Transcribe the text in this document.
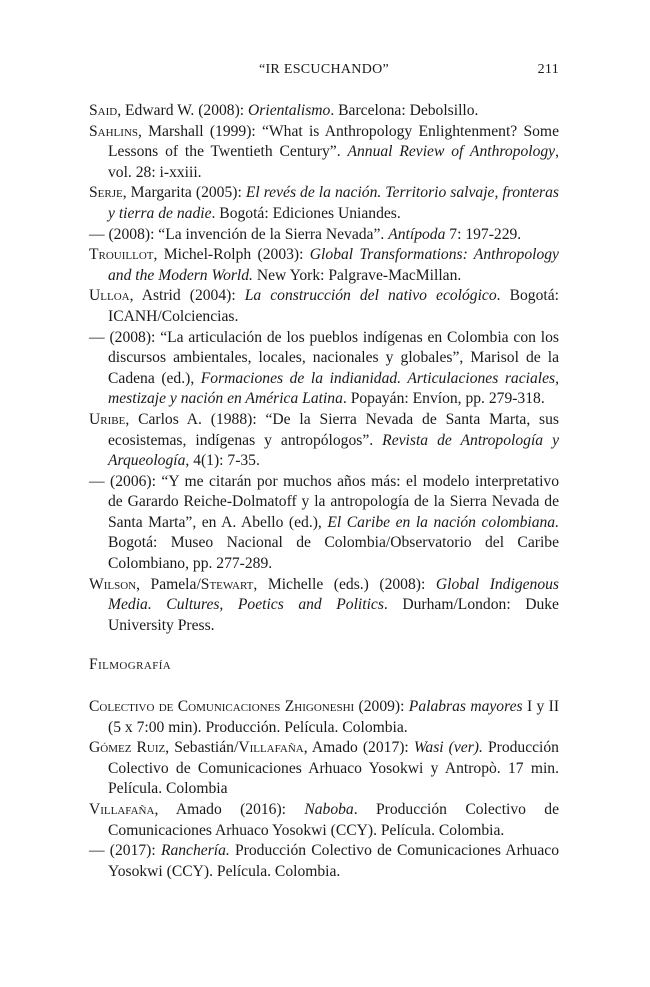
“IR ESCUCHANDO”	211

Said, Edward W. (2008): Orientalismo. Barcelona: Debolsillo.

Sahlins, Marshall (1999): “What is Anthropology Enlightenment? Some Lessons of the Twentieth Century”. Annual Review of Anthropology, vol. 28: i-xxiii.

Serje, Margarita (2005): El revés de la nación. Territorio salvaje, fronteras y tierra de nadie. Bogotá: Ediciones Uniandes.

— (2008): “La invención de la Sierra Nevada”. Antípoda 7: 197-229.

Trouillot, Michel-Rolph (2003): Global Transformations: Anthropology and the Modern World. New York: Palgrave-MacMillan.

Ulloa, Astrid (2004): La construcción del nativo ecológico. Bogotá: ICANH/Colciencias.

— (2008): “La articulación de los pueblos indígenas en Colombia con los discursos ambientales, locales, nacionales y globales”, Marisol de la Cadena (ed.), Formaciones de la indianidad. Articulaciones raciales, mestizaje y nación en América Latina. Popayán: Envíon, pp. 279-318.

Uribe, Carlos A. (1988): “De la Sierra Nevada de Santa Marta, sus ecosistemas, indígenas y antropólogos”. Revista de Antropología y Arqueología, 4(1): 7-35.

— (2006): “Y me citarán por muchos años más: el modelo interpretativo de Garardo Reiche-Dolmatoff y la antropología de la Sierra Nevada de Santa Marta”, en A. Abello (ed.), El Caribe en la nación colombiana. Bogotá: Museo Nacional de Colombia/Observatorio del Caribe Colombiano, pp. 277-289.

Wilson, Pamela/Stewart, Michelle (eds.) (2008): Global Indigenous Media. Cultures, Poetics and Politics. Durham/London: Duke University Press.

Filmografía

Colectivo de Comunicaciones Zhigoneshi (2009): Palabras mayores I y II (5 x 7:00 min). Producción. Película. Colombia.

Gómez Ruiz, Sebastián/Villafaña, Amado (2017): Wasi (ver). Producción Colectivo de Comunicaciones Arhuaco Yosokwi y Antropò. 17 min. Película. Colombia

Villafaña, Amado (2016): Naboba. Producción Colectivo de Comunicaciones Arhuaco Yosokwi (CCY). Película. Colombia.

— (2017): Ranchería. Producción Colectivo de Comunicaciones Arhuaco Yosokwi (CCY). Película. Colombia.
